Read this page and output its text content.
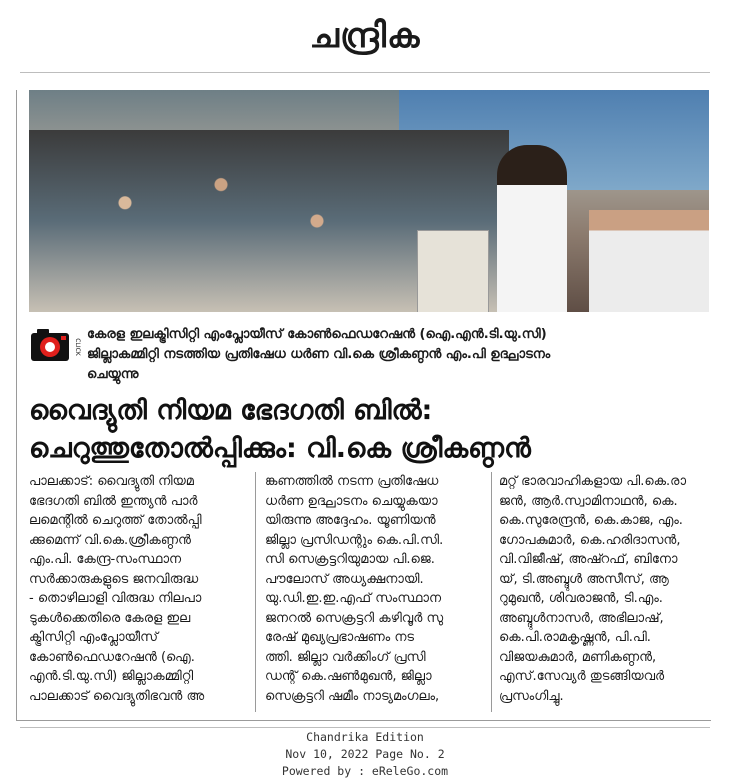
ചന്ദ്രിക
CLICK
കേരള ഇലക്ട്രിസിറ്റി എംപ്ലോയീസ് കോൺഫെഡറേഷൻ (ഐ.എൻ.ടി.യു.സി)
ജില്ലാകമ്മിറ്റി നടത്തിയ പ്രതിഷേധ ധർണ വി.കെ ശ്രീകണ്ഠൻ എം.പി ഉദ്ഘാടനം
ചെയ്യുന്നു
വൈദ്യുതി നിയമ ഭേദഗതി ബിൽ:
ചെറുത്തുതോൽപ്പിക്കും: വി.കെ ശ്രീകണ്ഠൻ
പാലക്കാട്: വൈദ്യുതി നിയമ
ഭേദഗതി ബിൽ ഇന്ത്യൻ പാർ
ലമെന്റിൽ ചെറുത്ത് തോൽപ്പി
ക്കുമെന്ന് വി.കെ.ശ്രീകണ്ഠൻ
എം.പി. കേന്ദ്ര-സംസ്ഥാന
സർക്കാരുകളുടെ ജനവിരുദ്ധ
- തൊഴിലാളി വിരുദ്ധ നിലപാ
ടുകൾക്കെതിരെ കേരള ഇല
ക്ട്രിസിറ്റി എംപ്ലോയീസ്
കോൺഫെഡറേഷൻ (ഐ.
എൻ.ടി.യു.സി) ജില്ലാകമ്മിറ്റി
പാലക്കാട് വൈദ്യുതിഭവൻ അ
ങ്കണത്തിൽ നടന്ന പ്രതിഷേധ
ധർണ ഉദ്ഘാടനം ചെയ്യുകയാ
യിരുന്നു അദ്ദേഹം. യൂണിയൻ
ജില്ലാ പ്രസിഡന്റും കെ.പി.സി.
സി സെക്രട്ടറിയുമായ പി.ജെ.
പൗലോസ് അധ്യക്ഷനായി.
യു.ഡി.ഇ.ഇ.എഫ് സംസ്ഥാന
ജനറൽ സെക്രട്ടറി കഴിവൂർ സു
രേഷ് മുഖ്യപ്രഭാഷണം നട
ത്തി. ജില്ലാ വർക്കിംഗ് പ്രസി
ഡന്റ് കെ.ഷൺമുഖൻ, ജില്ലാ
സെക്രട്ടറി ഷമീം നാട്യമംഗലം,
മറ്റ് ഭാരവാഹികളായ പി.കെ.രാ
ജൻ, ആർ.സ്വാമിനാഥൻ, കെ.
കെ.സുരേന്ദ്രൻ, കെ.കാജ, എം.
ഗോപകുമാർ, കെ.ഹരിദാസൻ,
വി.വിജീഷ്, അഷ്റഫ്, ബിനോ
യ്, ടി.അബ്ദുൾ അസീസ്, ആ
റുമുഖൻ, ശിവരാജൻ, ടി.എം.
അബ്ദുൾനാസർ, അഭിലാഷ്,
കെ.പി.രാമകൃഷ്ണൻ, പി.പി.
വിജയകുമാർ, മണികണ്ഠൻ,
എസ്.സേവ്യർ തുടങ്ങിയവർ
പ്രസംഗിച്ചു.
Chandrika Edition
Nov 10, 2022 Page No. 2
Powered by : eReleGo.com
